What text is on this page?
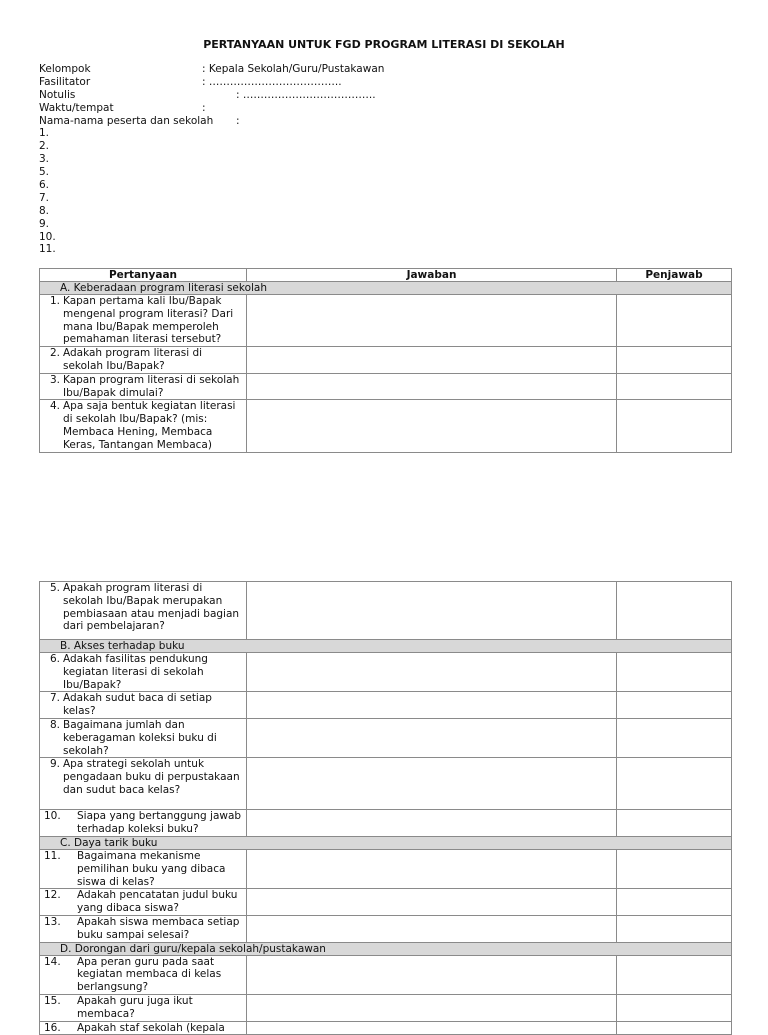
PERTANYAAN UNTUK FGD PROGRAM LITERASI DI SEKOLAH
Kelompok	: Kepala Sekolah/Guru/Pustakawan
Fasilitator	: ………………………………..
Notulis	: ………………………………..
Waktu/tempat	:
Nama-nama peserta dan sekolah :
1.
2.
3.
5.
6.
7.
8.
9.
10.
11.
Pertanyaan	Jawaban	Penjawab
A. Keberadaan program literasi sekolah		

1. Kapan pertama kali Ibu/Bapak mengenal program literasi? Dari mana Ibu/Bapak memperoleh pemahaman literasi tersebut?		

2. Adakah program literasi di sekolah Ibu/Bapak?		

3. Kapan program literasi di sekolah Ibu/Bapak dimulai?		

4. Apa saja bentuk kegiatan literasi di sekolah Ibu/Bapak? (mis: Membaca Hening, Membaca Keras, Tantangan Membaca)		

5. Apakah program literasi di sekolah Ibu/Bapak merupakan pembiasaan atau menjadi bagian dari pembelajaran?		

B. Akses terhadap buku		

6. Adakah fasilitas pendukung kegiatan literasi di sekolah Ibu/Bapak?		

7. Adakah sudut baca di setiap kelas?		

8. Bagaimana jumlah dan keberagaman koleksi buku di sekolah?		

9. Apa strategi sekolah untuk pengadaan buku di perpustakaan dan sudut baca kelas?		

10. Siapa yang bertanggung jawab terhadap koleksi buku?		

C. Daya tarik buku		

11. Bagaimana mekanisme pemilihan buku yang dibaca siswa di kelas?		

12. Adakah pencatatan judul buku yang dibaca siswa?		

13. Apakah siswa membaca setiap buku sampai selesai?		

D. Dorongan dari guru/kepala sekolah/pustakawan		

14. Apa peran guru pada saat kegiatan membaca di kelas berlangsung?		

15. Apakah guru juga ikut membaca?		

16. Apakah staf sekolah (kepala		
